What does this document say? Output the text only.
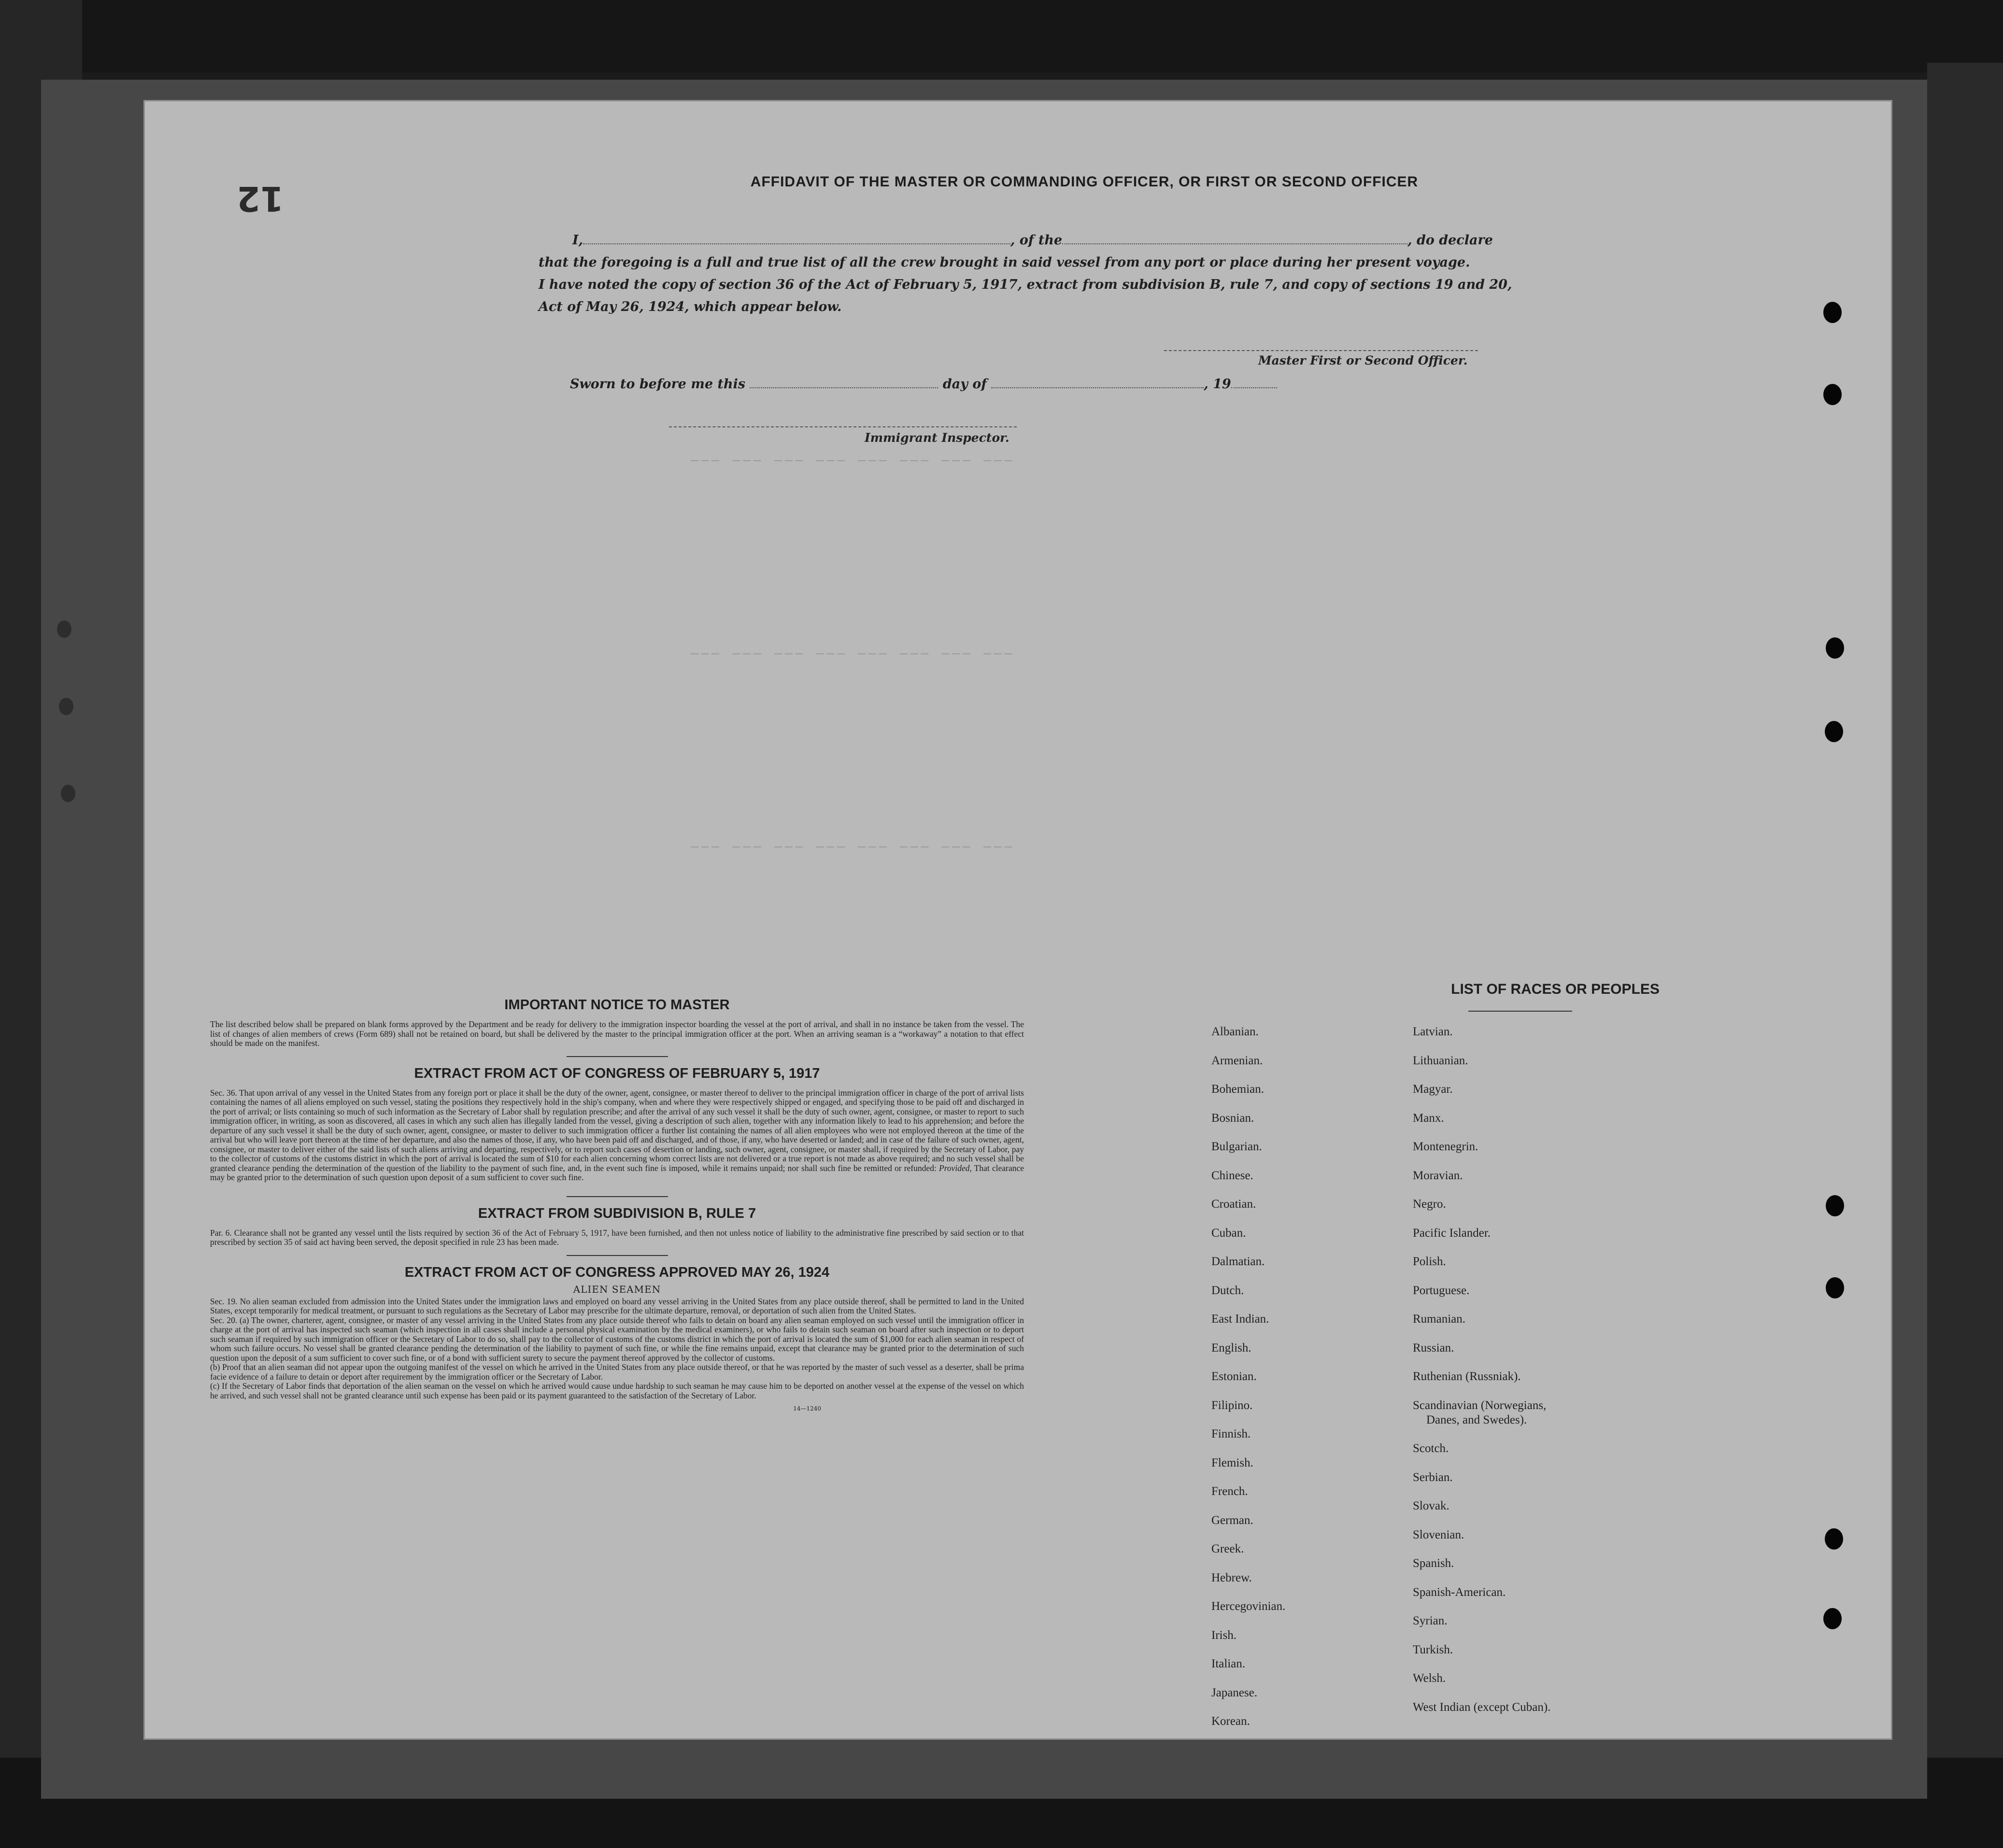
─── ─── ─── ─── ─── ─── ─── ───
─── ─── ─── ─── ─── ─── ─── ───
─── ─── ─── ─── ─── ─── ─── ───
12	AFFIDAVIT OF THE MASTER OR COMMANDING OFFICER, OR FIRST OR SECOND OFFICER
I,	, of the	, do declare
that the foregoing is a full and true list of all the crew brought in said vessel from any port or place during her present voyage.
I have noted the copy of section 36 of the Act of February 5, 1917, extract from subdivision B, rule 7, and copy of sections 19 and 20,
Act of May 26, 1924, which appear below.
Master First or Second Officer.
Sworn to before me this	day of	, 19
Immigrant Inspector.
IMPORTANT NOTICE TO MASTER

The list described below shall be prepared on blank forms approved by the Department and be ready for delivery to the immigration inspector boarding the vessel at the port of arrival, and shall in no instance be taken from the vessel. The list of changes of alien members of crews (Form 689) shall not be retained on board, but shall be delivered by the master to the principal immigration officer at the port. When an arriving seaman is a “workaway” a notation to that effect should be made on the manifest.

EXTRACT FROM ACT OF CONGRESS OF FEBRUARY 5, 1917

Sec. 36. That upon arrival of any vessel in the United States from any foreign port or place it shall be the duty of the owner, agent, consignee, or master thereof to deliver to the principal immigration officer in charge of the port of arrival lists containing the names of all aliens employed on such vessel, stating the positions they respectively hold in the ship's company, when and where they were respectively shipped or engaged, and specifying those to be paid off and discharged in the port of arrival; or lists containing so much of such information as the Secretary of Labor shall by regulation prescribe; and after the arrival of any such vessel it shall be the duty of such owner, agent, consignee, or master to report to such immigration officer, in writing, as soon as discovered, all cases in which any such alien has illegally landed from the vessel, giving a description of such alien, together with any information likely to lead to his apprehension; and before the departure of any such vessel it shall be the duty of such owner, agent, consignee, or master to deliver to such immigration officer a further list containing the names of all alien employees who were not employed thereon at the time of the arrival but who will leave port thereon at the time of her departure, and also the names of those, if any, who have been paid off and discharged, and of those, if any, who have deserted or landed; and in case of the failure of such owner, agent, consignee, or master to deliver either of the said lists of such aliens arriving and departing, respectively, or to report such cases of desertion or landing, such owner, agent, consignee, or master shall, if required by the Secretary of Labor, pay to the collector of customs of the customs district in which the port of arrival is located the sum of $10 for each alien concerning whom correct lists are not delivered or a true report is not made as above required; and no such vessel shall be granted clearance pending the determination of the question of the liability to the payment of such fine, and, in the event such fine is imposed, while it remains unpaid; nor shall such fine be remitted or refunded: Provided, That clearance may be granted prior to the determination of such question upon deposit of a sum sufficient to cover such fine.

EXTRACT FROM SUBDIVISION B, RULE 7

Par. 6. Clearance shall not be granted any vessel until the lists required by section 36 of the Act of February 5, 1917, have been furnished, and then not unless notice of liability to the administrative fine prescribed by said section or to that prescribed by section 35 of said act having been served, the deposit specified in rule 23 has been made.

EXTRACT FROM ACT OF CONGRESS APPROVED MAY 26, 1924
ALIEN SEAMEN

Sec. 19. No alien seaman excluded from admission into the United States under the immigration laws and employed on board any vessel arriving in the United States from any place outside thereof, shall be permitted to land in the United States, except temporarily for medical treatment, or pursuant to such regulations as the Secretary of Labor may prescribe for the ultimate departure, removal, or deportation of such alien from the United States.

Sec. 20. (a) The owner, charterer, agent, consignee, or master of any vessel arriving in the United States from any place outside thereof who fails to detain on board any alien seaman employed on such vessel until the immigration officer in charge at the port of arrival has inspected such seaman (which inspection in all cases shall include a personal physical examination by the medical examiners), or who fails to detain such seaman on board after such inspection or to deport such seaman if required by such immigration officer or the Secretary of Labor to do so, shall pay to the collector of customs of the customs district in which the port of arrival is located the sum of $1,000 for each alien seaman in respect of whom such failure occurs. No vessel shall be granted clearance pending the determination of the liability to payment of such fine, or while the fine remains unpaid, except that clearance may be granted prior to the determination of such question upon the deposit of a sum sufficient to cover such fine, or of a bond with sufficient surety to secure the payment thereof approved by the collector of customs.

(b) Proof that an alien seaman did not appear upon the outgoing manifest of the vessel on which he arrived in the United States from any place outside thereof, or that he was reported by the master of such vessel as a deserter, shall be prima facie evidence of a failure to detain or deport after requirement by the immigration officer or the Secretary of Labor.

(c) If the Secretary of Labor finds that deportation of the alien seaman on the vessel on which he arrived would cause undue hardship to such seaman he may cause him to be deported on another vessel at the expense of the vessel on which he arrived, and such vessel shall not be granted clearance until such expense has been paid or its payment guaranteed to the satisfaction of the Secretary of Labor.

14—1240
LIST OF RACES OR PEOPLES
Albanian.
Armenian.
Bohemian.
Bosnian.
Bulgarian.
Chinese.
Croatian.
Cuban.
Dalmatian.
Dutch.
East Indian.
English.
Estonian.
Filipino.
Finnish.
Flemish.
French.
German.
Greek.
Hebrew.
Hercegovinian.
Irish.
Italian.
Japanese.
Korean.
Latvian.
Lithuanian.
Magyar.
Manx.
Montenegrin.
Moravian.
Negro.
Pacific Islander.
Polish.
Portuguese.
Rumanian.
Russian.
Ruthenian (Russniak).
Scandinavian (Norwegians,
Danes, and Swedes).
Scotch.
Serbian.
Slovak.
Slovenian.
Spanish.
Spanish-American.
Syrian.
Turkish.
Welsh.
West Indian (except Cuban).
